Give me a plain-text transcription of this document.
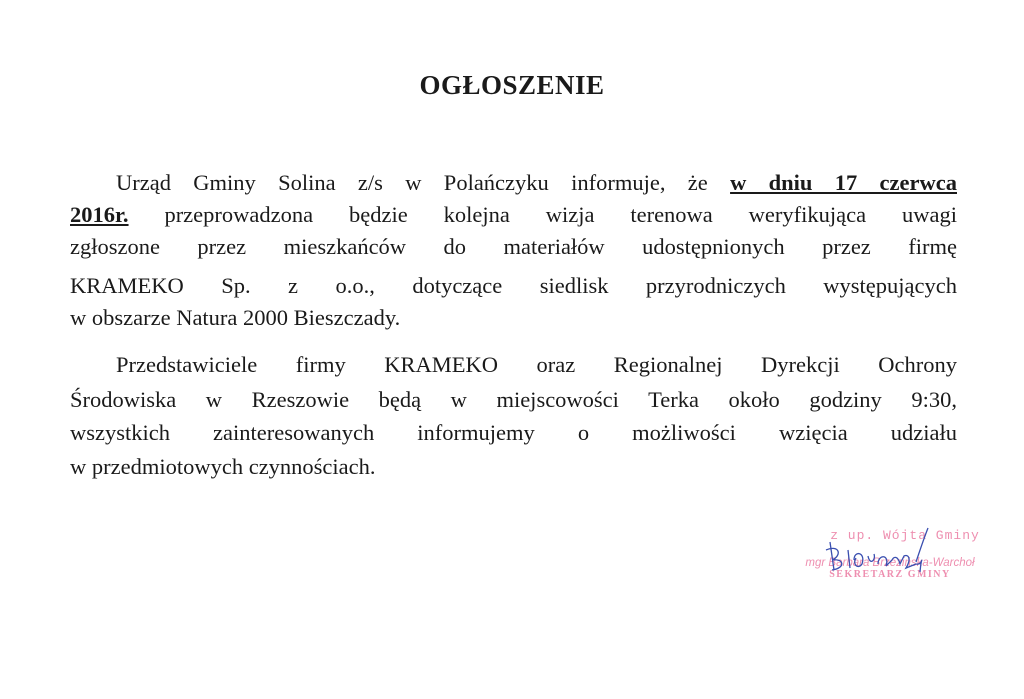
OGŁOSZENIE
Urząd Gminy Solina z/s w Polańczyku informuje, że w dniu 17 czerwca
2016r. przeprowadzona będzie kolejna wizja terenowa weryfikująca uwagi
zgłoszone przez mieszkańców do materiałów udostępnionych przez firmę
KRAMEKO Sp. z o.o., dotyczące siedlisk przyrodniczych występujących
w obszarze Natura 2000 Bieszczady.
Przedstawiciele firmy KRAMEKO oraz Regionalnej Dyrekcji Ochrony
Środowiska w Rzeszowie będą w miejscowości Terka około godziny 9:30,
wszystkich zainteresowanych informujemy o możliwości wzięcia udziału
w przedmiotowych czynnościach.
z up. Wójta Gminy
mgr Barbara Brzezińska-Warchoł
SEKRETARZ GMINY
